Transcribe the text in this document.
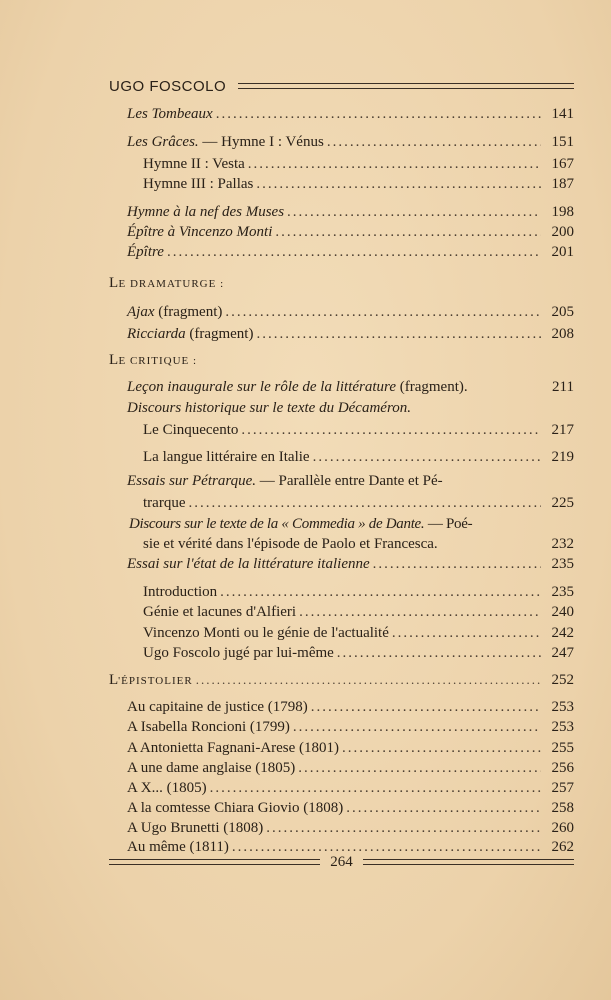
UGO FOSCOLO
Les Tombeaux .....	141
Les Grâces. — Hymne I : Vénus .....	151
Hymne II : Vesta .....	167
Hymne III : Pallas .....	187
Hymne à la nef des Muses .....	198
Épître à Vincenzo Monti .....	200
Épître .....	201
LE DRAMATURGE :
Ajax (fragment) .....	205
Ricciarda (fragment) .....	208
LE CRITIQUE :
Leçon inaugurale sur le rôle de la littérature (fragment).	211
Discours historique sur le texte du Décaméron.
Le Cinquecento .....	217
La langue littéraire en Italie .....	219
Essais sur Pétrarque. — Parallèle entre Dante et Pé-
trarque .....	225
Discours sur le texte de la « Commedia » de Dante. — Poé-
sie et vérité dans l'épisode de Paolo et Francesca.	232
Essai sur l'état de la littérature italienne .....	235
Introduction .....	235
Génie et lacunes d'Alfieri .....	240
Vincenzo Monti ou le génie de l'actualité .....	242
Ugo Foscolo jugé par lui-même .....	247
L'ÉPISTOLIER .....	252
Au capitaine de justice (1798) .....	253
A Isabella Roncioni (1799) .....	253
A Antonietta Fagnani-Arese (1801) .....	255
A une dame anglaise (1805) .....	256
A X... (1805) .....	257
A la comtesse Chiara Giovio (1808) .....	258
A Ugo Brunetti (1808) .....	260
Au même (1811) .....	262
264
